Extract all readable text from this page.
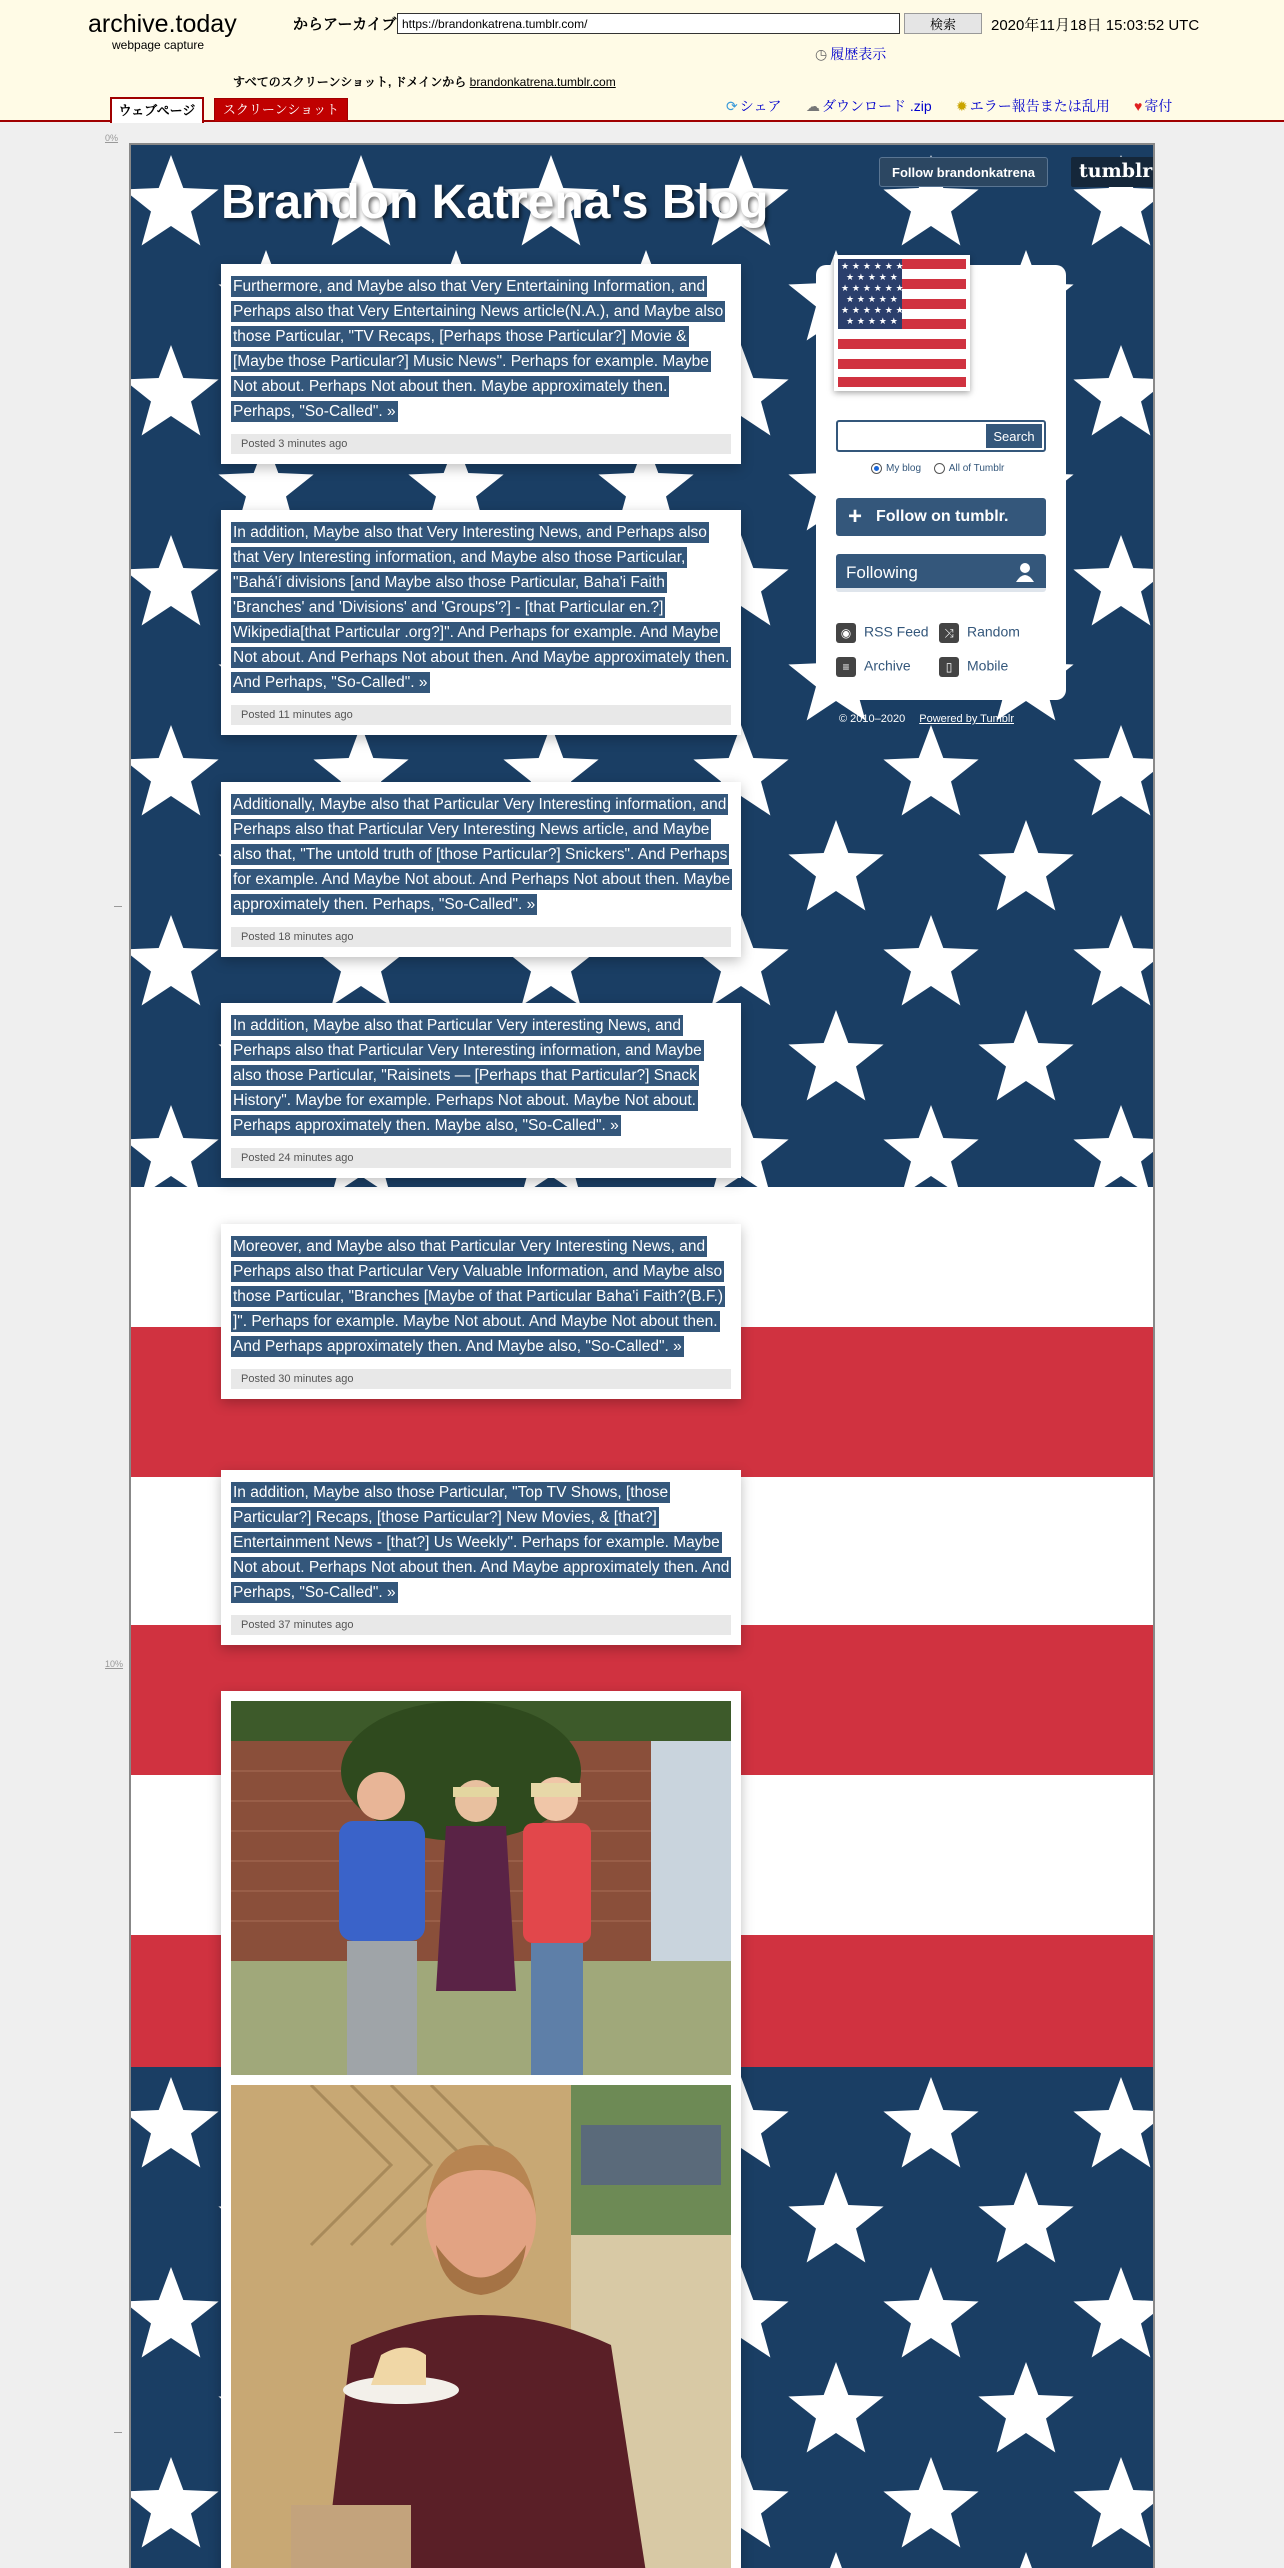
archive.today
webpage capture
からアーカイブ
https://brandonkatrena.tumblr.com/	検索	2020年11月18日 15:03:52 UTC
◷ 履歴表示
すべてのスクリーンショット, ドメインから brandonkatrena.tumblr.com
ウェブページ	スクリーンショット	⟳ シェア ☁ ダウンロード .zip ✹ エラー報告または乱用 ♥ 寄付
0%
10%
Brandon Katrena's Blog
Follow brandonkatrena	tumblr
Furthermore, and Maybe also that Very Entertaining Information, and Perhaps also that Very Entertaining News article(N.A.), and Maybe also those Particular, "TV Recaps, [Perhaps those Particular?] Movie & [Maybe those Particular?] Music News". Perhaps for example. Maybe Not about. Perhaps Not about then. Maybe approximately then. Perhaps, "So-Called". »
Posted 3 minutes ago
In addition, Maybe also that Very Interesting News, and Perhaps also that Very Interesting information, and Maybe also those Particular, "Bahá'í divisions [and Maybe also those Particular, Baha'i Faith 'Branches' and 'Divisions' and 'Groups'?] - [that Particular en.?] Wikipedia[that Particular .org?]". And Perhaps for example. And Maybe Not about. And Perhaps Not about then. And Maybe approximately then. And Perhaps, "So-Called". »
Posted 11 minutes ago
Additionally, Maybe also that Particular Very Interesting information, and Perhaps also that Particular Very Interesting News article, and Maybe also that, "The untold truth of [those Particular?] Snickers". And Perhaps for example. And Maybe Not about. And Perhaps Not about then. Maybe approximately then. Perhaps, "So-Called". »
Posted 18 minutes ago
In addition, Maybe also that Particular Very interesting News, and Perhaps also that Particular Very Interesting information, and Maybe also those Particular, "Raisinets — [Perhaps that Particular?] Snack History". Maybe for example. Perhaps Not about. Maybe Not about. Perhaps approximately then. Maybe also, "So-Called". »
Posted 24 minutes ago
Moreover, and Maybe also that Particular Very Interesting News, and Perhaps also that Particular Very Valuable Information, and Maybe also those Particular, "Branches [Maybe of that Particular Baha'i Faith?(B.F.) ]". Perhaps for example. Maybe Not about. And Maybe Not about then. And Perhaps approximately then. And Maybe also, "So-Called". »
Posted 30 minutes ago
In addition, Maybe also those Particular, "Top TV Shows, [those Particular?] Recaps, [those Particular?] New Movies, & [that?] Entertainment News - [that?] Us Weekly". Perhaps for example. Maybe Not about. Perhaps Not about then. And Maybe approximately then. And Perhaps, "So-Called". »
Posted 37 minutes ago
★ ★ ★ ★ ★ ★
★ ★ ★ ★ ★
★ ★ ★ ★ ★ ★
★ ★ ★ ★ ★
★ ★ ★ ★ ★ ★
★ ★ ★ ★ ★
Search
My blog	All of Tumblr
+ Follow on tumblr.
Following
◉ RSS Feed	⤨ Random
≡ Archive	▯ Mobile
© 2010–2020 Powered by Tumblr
